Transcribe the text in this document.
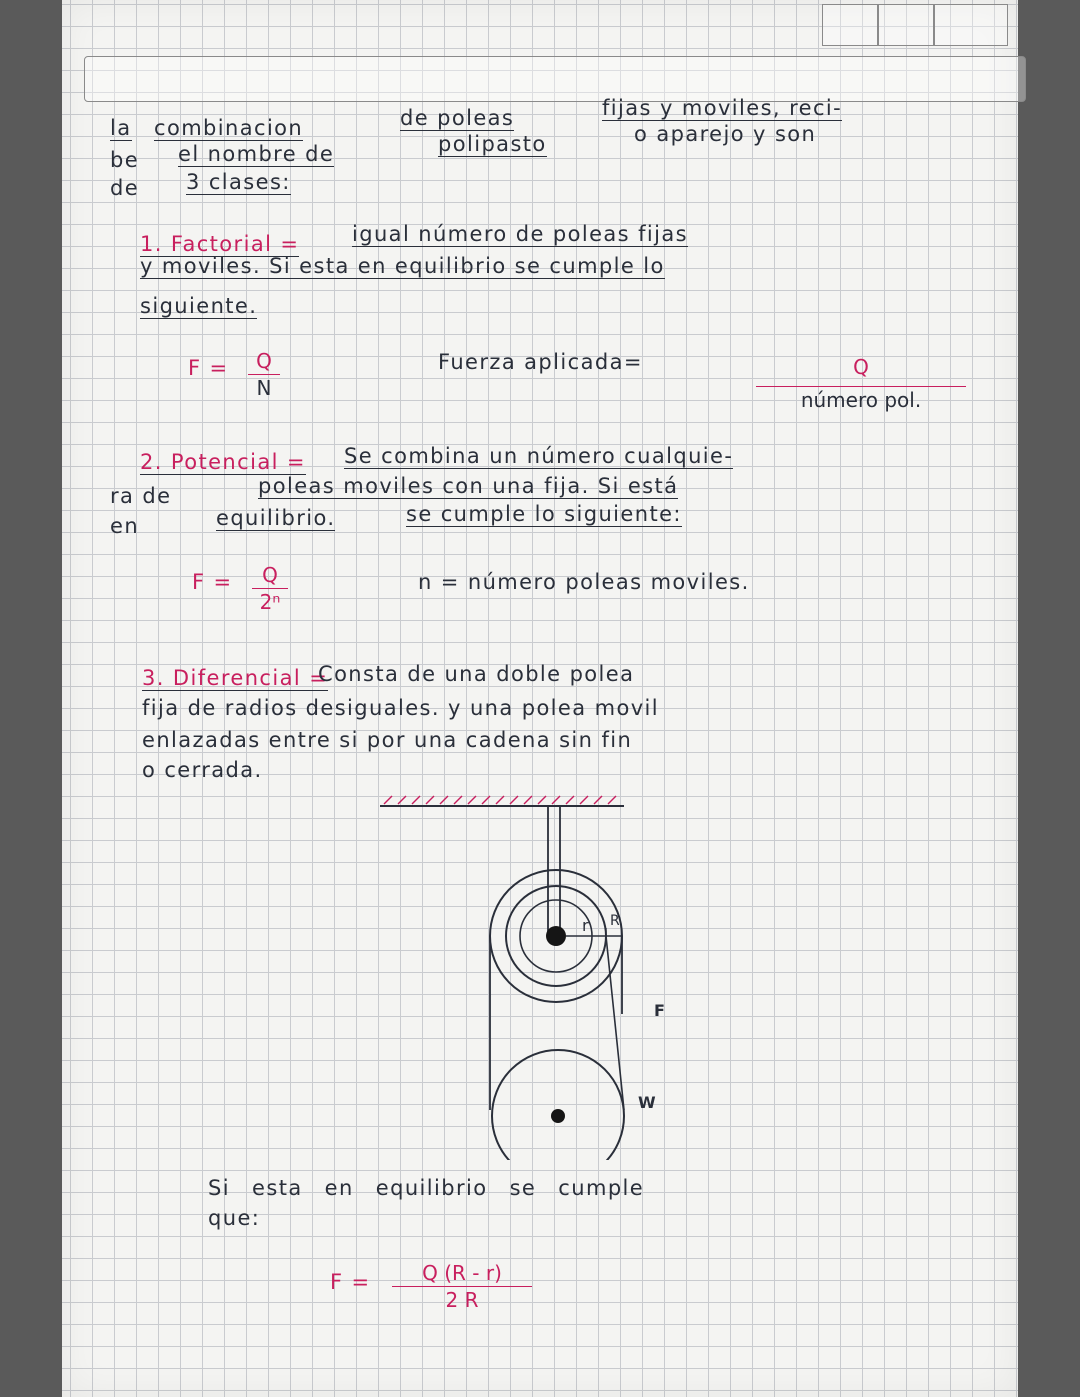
la combinacion	de poleas	fijas y moviles, reci-
be el nombre de	polipasto	o aparejo y son
de 3 clases:
1. Factorial =	igual número de poleas fijas
y moviles. Si esta en equilibrio se cumple lo
siguiente.
F =	Q
N
Fuerza aplicada=	Q
número pol.
2. Potencial = Se combina un número cualquie-
ra de	poleas moviles con una fija. Si está
en	equilibrio.	se cumple lo siguiente:
F =	Q
2ⁿ
n = número poleas moviles.
3. Diferencial =
Consta de una doble polea
fija de radios desiguales. y una polea movil
enlazadas entre si por una cadena sin fin
o cerrada.
r R
F
W
Si esta en equilibrio se cumple
que:
F =	Q (R - r)
2 R
